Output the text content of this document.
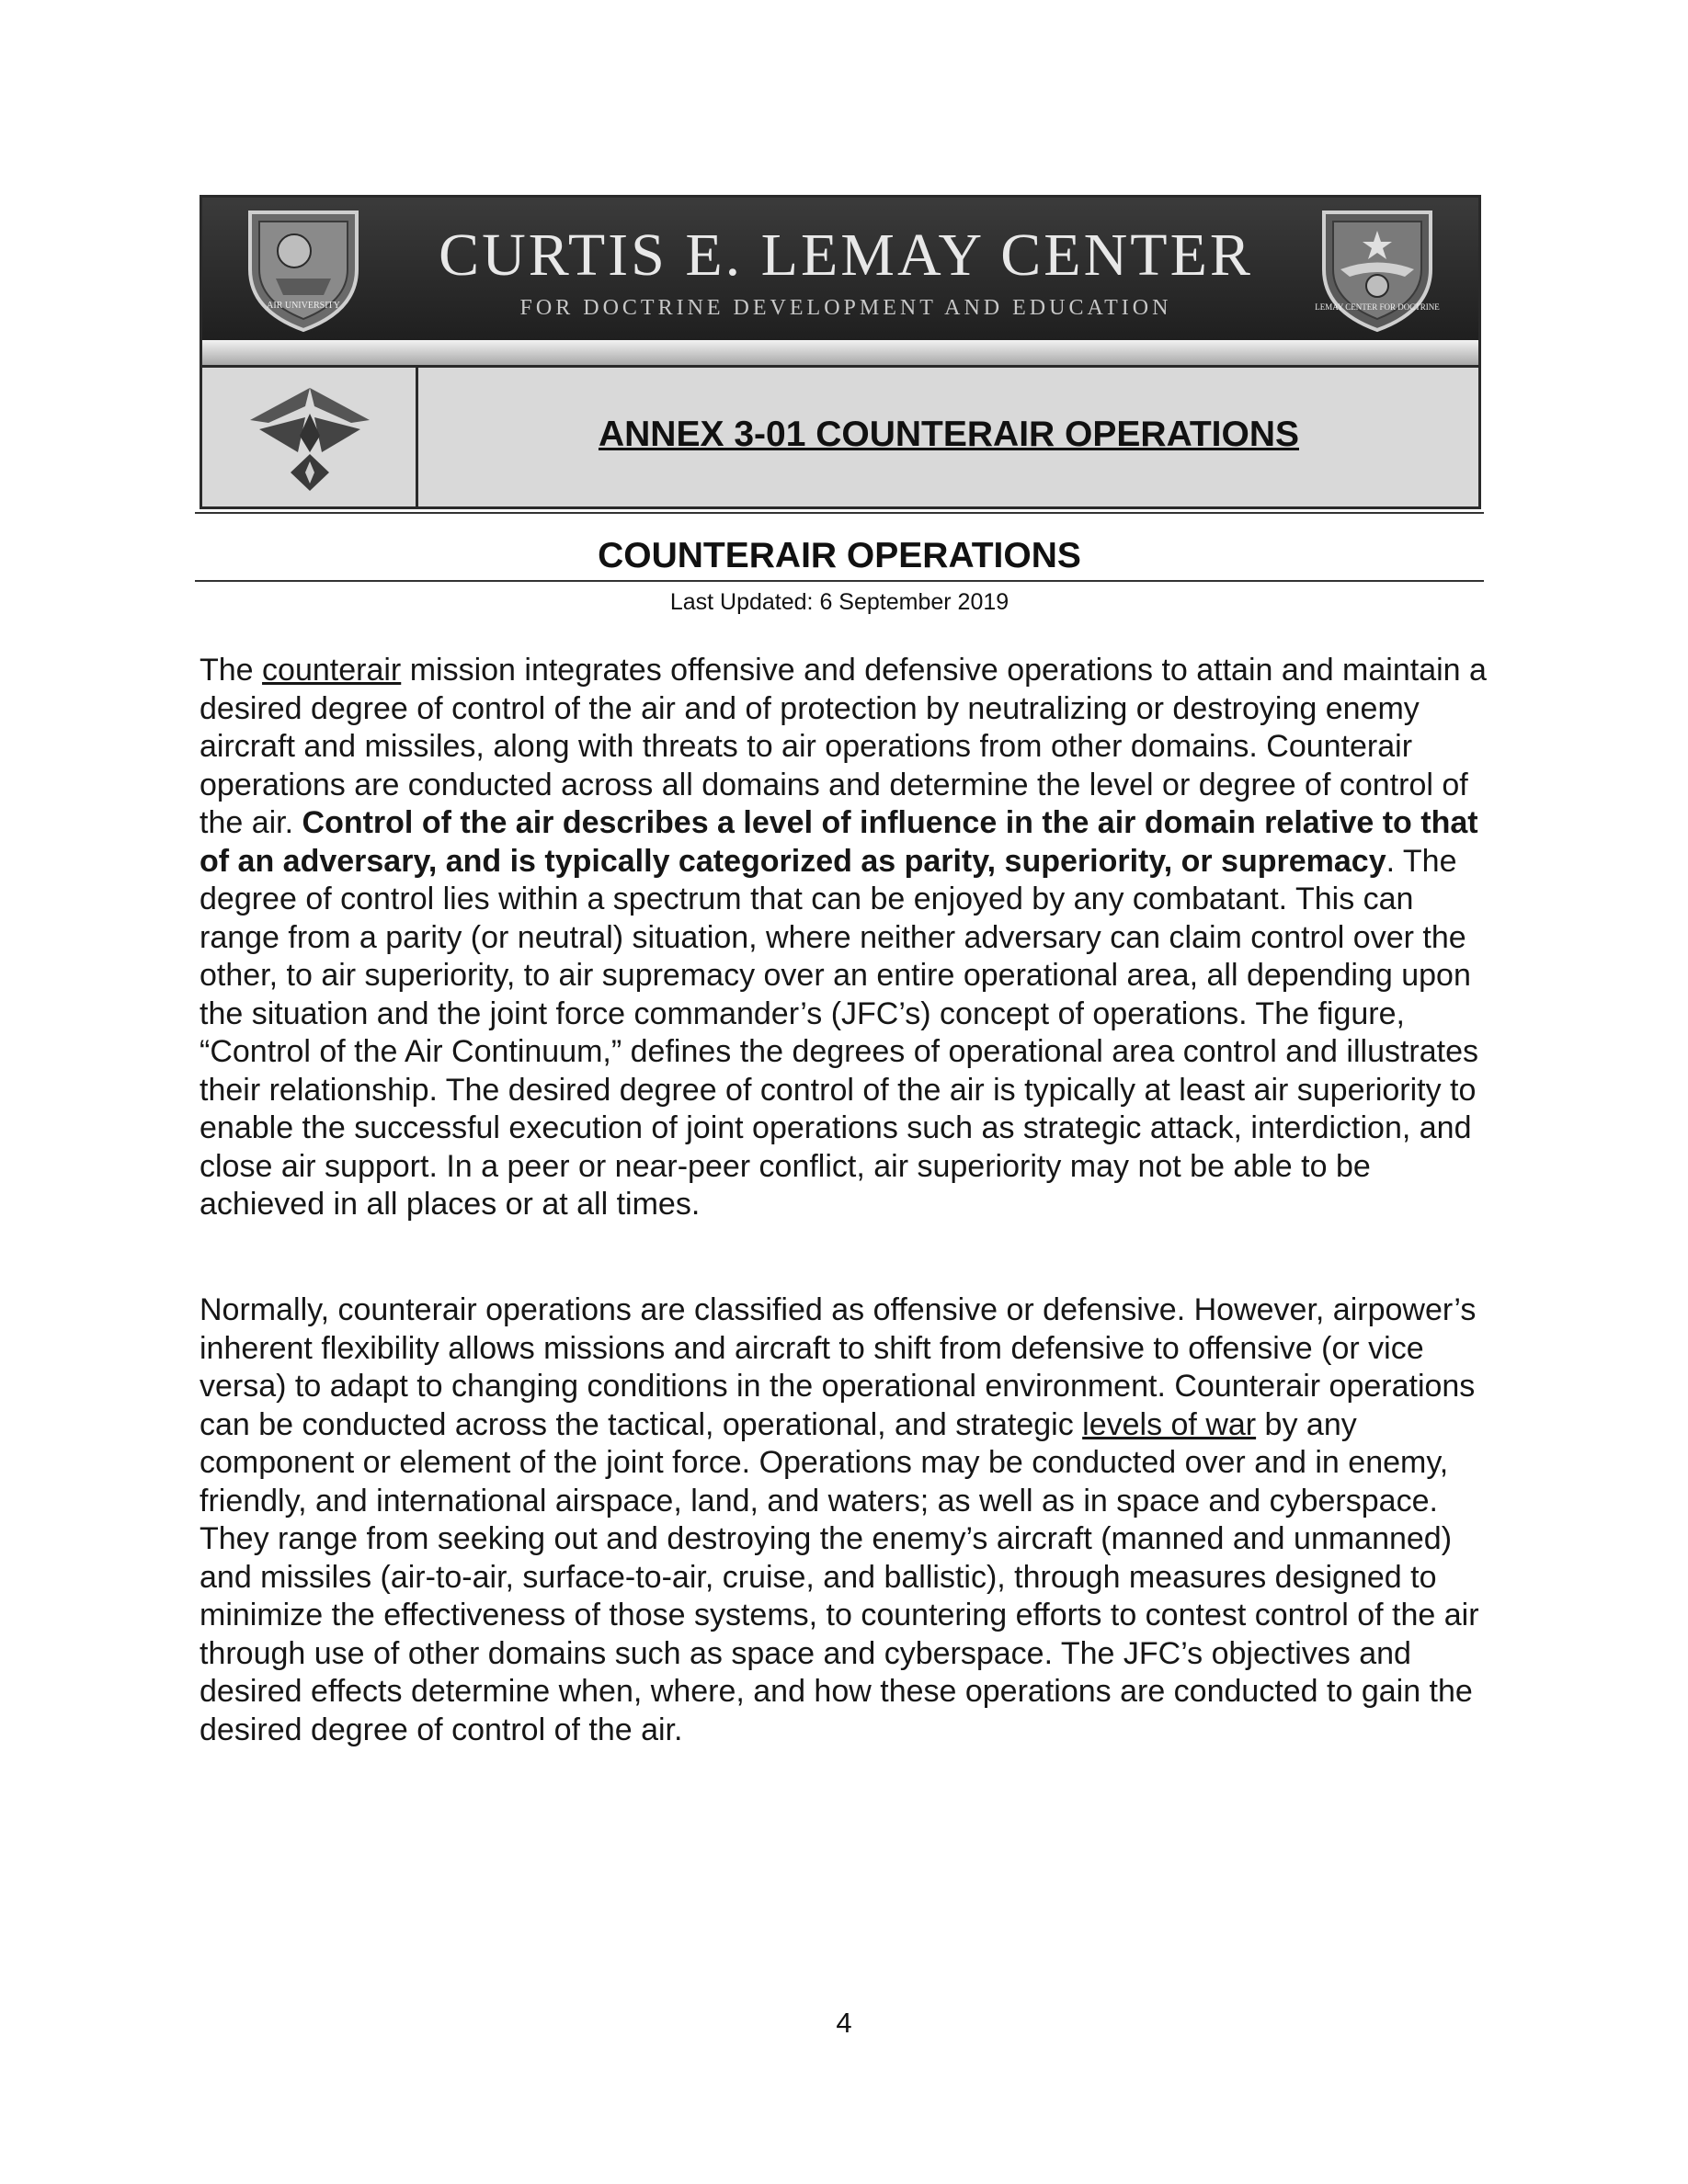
AIR UNIVERSITY
CURTIS E. LEMAY CENTER
FOR DOCTRINE DEVELOPMENT AND EDUCATION	LEMAY CENTER FOR DOCTRINE
ANNEX 3-01 COUNTERAIR OPERATIONS
COUNTERAIR OPERATIONS
Last Updated: 6 September 2019

The counterair mission integrates offensive and defensive operations to attain and maintain a desired degree of control of the air and of protection by neutralizing or destroying enemy aircraft and missiles, along with threats to air operations from other domains. Counterair operations are conducted across all domains and determine the level or degree of control of the air. Control of the air describes a level of influence in the air domain relative to that of an adversary, and is typically categorized as parity, superiority, or supremacy. The degree of control lies within a spectrum that can be enjoyed by any combatant. This can range from a parity (or neutral) situation, where neither adversary can claim control over the other, to air superiority, to air supremacy over an entire operational area, all depending upon the situation and the joint force commander’s (JFC’s) concept of operations. The figure, “Control of the Air Continuum,” defines the degrees of operational area control and illustrates their relationship. The desired degree of control of the air is typically at least air superiority to enable the successful execution of joint operations such as strategic attack, interdiction, and close air support. In a peer or near-peer conflict, air superiority may not be able to be achieved in all places or at all times.

Normally, counterair operations are classified as offensive or defensive. However, airpower’s inherent flexibility allows missions and aircraft to shift from defensive to offensive (or vice versa) to adapt to changing conditions in the operational environment. Counterair operations can be conducted across the tactical, operational, and strategic levels of war by any component or element of the joint force. Operations may be conducted over and in enemy, friendly, and international airspace, land, and waters; as well as in space and cyberspace. They range from seeking out and destroying the enemy’s aircraft (manned and unmanned) and missiles (air-to-air, surface-to-air, cruise, and ballistic), through measures designed to minimize the effectiveness of those systems, to countering efforts to contest control of the air through use of other domains such as space and cyberspace. The JFC’s objectives and desired effects determine when, where, and how these operations are conducted to gain the desired degree of control of the air.

4
